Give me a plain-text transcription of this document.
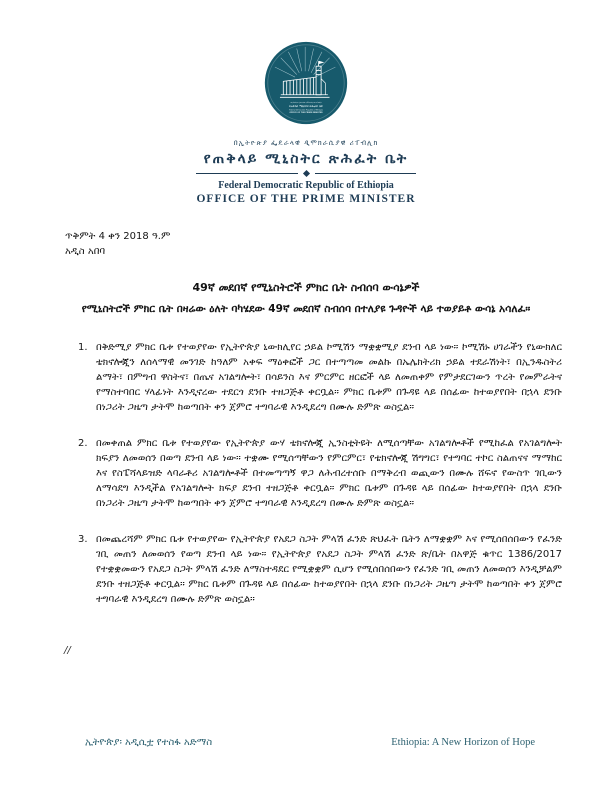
በኢትዮጵያ ፌዴራላዊ ዲሞክራሲያዊ ሪፐብሊክ
የጠቅላይ ሚኒስትር ጽሕፈት ቤት
Federal Democratic Republic of Ethiopia
OFFICE OF THE PRIME MINISTER
በኢትዮጵያ ፌዴራላዊ ዲሞክራሲያዊ ሪፐብሊክ
የጠቅላይ ሚኒስትር ጽሕፈት ቤት
Federal Democratic Republic of Ethiopia
OFFICE OF THE PRIME MINISTER
ጥቅምት 4 ቀን 2018 ዓ.ም
አዲስ አበባ
49ኛ መደበኛ የሚኒስትሮች ምክር ቤት ስብሰባ ውሳኔዎች
የሚኒስትሮች ምክር ቤት በዛሬው ዕለት ባካሄደው 49ኛ መደበኛ ስብሰባ በተለያዩ ጉዳዮች ላይ ተወያይቶ ውሳኔ አሳለፈ።
1. በቅድሚያ ምክር ቤቱ የተወያየው የኢትዮጵያ ኒውክሊየር ኃይል ኮሚሽን ማቋቋሚያ ደንብ ላይ ነው። ኮሚሽኑ ሀገራችን የኒውክለር ቴክኖሎጂን ለሰላማዊ መንገድ ከዓለም አቀፍ ማዕቀፎች ጋር በተጣጣመ መልኩ በኤሌክትሪክ ኃይል ተደራሽነት፣ በኢንዱስትሪ ልማት፣ በምግብ ዋስትና፣ በጤና አገልግሎት፣ በሳይንስ እና ምርምር ዘርፎች ላይ ለመጠቀም የምታደርገውን ጥረት የመምራትና የማስተባበር ሃላፊነት እንዲኖረው ተደርጎ ደንቡ ተዘጋጅቶ ቀርቧል። ምክር ቤቱም በጉዳዩ ላይ በሰፊው ከተወያየበት በኋላ ደንቡ በነጋሪት ጋዜጣ ታትሞ ከወጣበት ቀን ጀምሮ ተግባራዊ እንዲደረግ በሙሉ ድምጽ ወስኗል።
2. በመቀጠል ምክር ቤቱ የተወያየው የኢትዮጵያ ውሃ ቴክኖሎጂ ኢንስቲትዩት ለሚሰጣቸው አገልግሎቶች የሚከፈል የአገልግሎት ክፍያን ለመወሰን በወጣ ደንብ ላይ ነው። ተቋሙ የሚሰጣቸውን የምርምር፣ የቴክኖሎጂ ሽግግር፣ የተግባር ተኮር ስልጠናና ማማከር እና የስፔሻላይዝድ ላባራቶሪ አገልግሎቶች በተመጣጣኝ ዋጋ ለሕብረተሰቡ በማቅረብ ወጪውን በሙሉ ሸፍኖ የውስጥ ገቢውን ለማሳደግ እንዲችል የአገልግሎት ክፍያ ደንብ ተዘጋጅቶ ቀርቧል። ምክር ቤቱም በጉዳዩ ላይ በሰፊው ከተወያየበት በኋላ ደንቡ በነጋሪት ጋዜጣ ታትሞ ከወጣበት ቀን ጀምሮ ተግባራዊ እንዲደረግ በሙሉ ድምጽ ወስኗል።
3. በመጨረሻም ምክር ቤቱ የተወያየው የኢትዮጵያ የአደጋ ስጋት ምላሽ ፈንድ ጽህፈት ቤትን ለማቋቋም እና የሚሰበሰበውን የፈንድ ገቢ መጠን ለመወሰን የወጣ ደንብ ላይ ነው። የኢትዮጵያ የአደጋ ስጋት ምላሽ ፈንድ ጽ/ቤት በአዋጅ ቁጥር 1386/2017 የተቋቋመውን የአደጋ ስጋት ምላሽ ፈንድ ለማስተዳደር የሚቋቋም ሲሆን የሚሰበሰበውን የፈንድ ገቢ መጠን ለመወሰን እንዲቻልም ደንቡ ተዘጋጅቶ ቀርቧል። ምክር ቤቱም በጉዳዩ ላይ በሰፊው ከተወያየበት በኋላ ደንቡ በነጋሪት ጋዜጣ ታትሞ ከወጣበት ቀን ጀምሮ ተግባራዊ እንዲደረግ በሙሉ ድምጽ ወስኗል።
//
ኢትዮጵያ፡ አዲሲቷ የተስፋ አድማስ	Ethiopia: A New Horizon of Hope
